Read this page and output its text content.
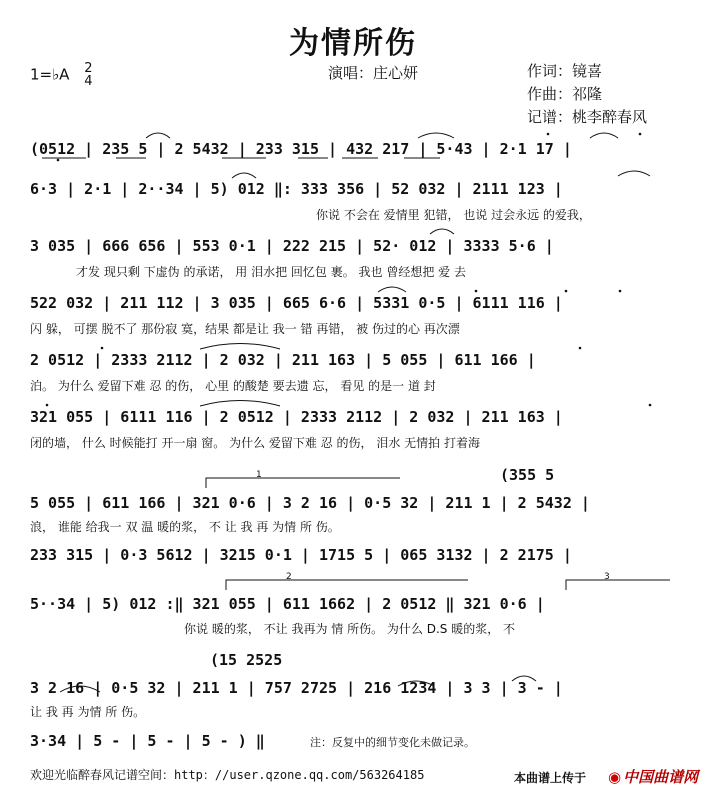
为情所伤
1=♭A 2
4	演唱：庄心妍	作词：镜喜
作曲：祁隆
记谱：桃李醉春风
(0512 | 235 5 | 2 5432 | 233 315 | 432 217 | 5·43 | 2·1 17 |
6·3 | 2·1 | 2··34 | 5) 012 ‖: 333 356 | 52 032 | 2111 123 |
你说 不会在 爱情里 犯错， 也说 过会永远 的爱我，
3 035 | 666 656 | 553 0·1 | 222 215 | 52· 012 | 3333 5·6 |
才发 现只剩 下虚伪 的承诺， 用 泪水把 回忆包 裹。 我也 曾经想把 爱 去
522 032 | 211 112 | 3 035 | 665 6·6 | 5331 0·5 | 6111 116 |
闪 躲， 可摆 脱不了 那份寂 寞，结果 都是让 我一 错 再错， 被 伤过的心 再次漂
2 0512 | 2333 2112 | 2 032 | 211 163 | 5 055 | 611 166 |
泊。 为什么 爱留下难 忍 的伤， 心里 的酸楚 要去遗 忘， 看见 的是一 道 封
321 055 | 6111 116 | 2 0512 | 2333 2112 | 2 032 | 211 163 |
闭的墙， 什么 时候能打 开一扇 窗。 为什么 爱留下难 忍 的伤， 泪水 无情拍 打着海
(355 5
5 055 | 611 166 | 321 0·6 | 3 2 16 | 0·5 32 | 211 1 | 2 5432 |
浪， 谁能 给我一 双 温 暖的浆， 不 让 我 再 为情 所 伤。
233 315 | 0·3 5612 | 3215 0·1 | 1715 5 | 065 3132 | 2 2175 |
5··34 | 5) 012 :‖ 321 055 | 611 1662 | 2 0512 ‖ 321 0·6 |
你说 暖的浆， 不让 我再为 情 所伤。 为什么 D.S 暖的浆， 不
(15 2525
3 2 16 | 0·5 32 | 211 1 | 757 2725 | 216 1234 | 3 3 | 3 - |
让 我 再 为情 所 伤。
3·34 | 5 - | 5 - | 5 - ) ‖	注：反复中的细节变化未做记录。
1
2	3
欢迎光临醉春风记谱空间：http：//user.qzone.qq.com/563264185	本曲谱上传于 ◉ 中国曲谱网
